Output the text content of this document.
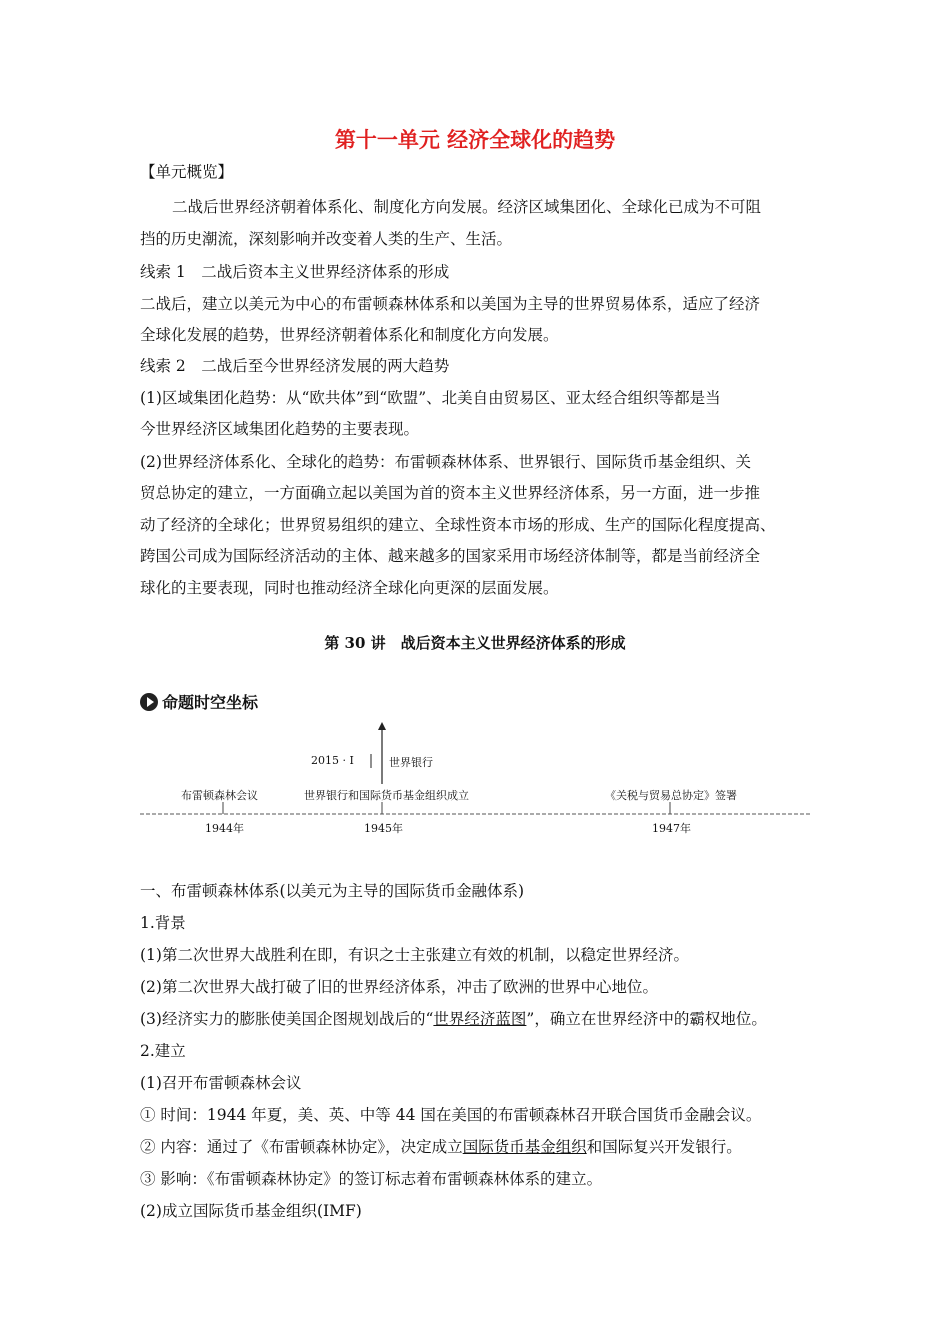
第十一单元 经济全球化的趋势
【单元概览】
二战后世界经济朝着体系化、制度化方向发展。经济区域集团化、全球化已成为不可阻
挡的历史潮流，深刻影响并改变着人类的生产、生活。
线索 1　二战后资本主义世界经济体系的形成
二战后，建立以美元为中心的布雷顿森林体系和以美国为主导的世界贸易体系，适应了经济
全球化发展的趋势，世界经济朝着体系化和制度化方向发展。
线索 2　二战后至今世界经济发展的两大趋势
(1)区域集团化趋势：从“欧共体”到“欧盟”、北美自由贸易区、亚太经合组织等都是当
今世界经济区域集团化趋势的主要表现。
(2)世界经济体系化、全球化的趋势：布雷顿森林体系、世界银行、国际货币基金组织、关
贸总协定的建立，一方面确立起以美国为首的资本主义世界经济体系，另一方面，进一步推
动了经济的全球化；世界贸易组织的建立、全球性资本市场的形成、生产的国际化程度提高、
跨国公司成为国际经济活动的主体、越来越多的国家采用市场经济体制等，都是当前经济全
球化的主要表现，同时也推动经济全球化向更深的层面发展。
第 30 讲　战后资本主义世界经济体系的形成
命题时空坐标
2015 · Ⅰ	世界银行
布雷顿森林会议	世界银行和国际货币基金组织成立	《关税与贸易总协定》签署
1944年	1945年	1947年
一、布雷顿森林体系(以美元为主导的国际货币金融体系)
1.背景
(1)第二次世界大战胜利在即，有识之士主张建立有效的机制，以稳定世界经济。
(2)第二次世界大战打破了旧的世界经济体系，冲击了欧洲的世界中心地位。
(3)经济实力的膨胀使美国企图规划战后的“世界经济蓝图”，确立在世界经济中的霸权地位。
2.建立
(1)召开布雷顿森林会议
① 时间：1944 年夏，美、英、中等 44 国在美国的布雷顿森林召开联合国货币金融会议。
② 内容：通过了《布雷顿森林协定》，决定成立国际货币基金组织和国际复兴开发银行。
③ 影响：《布雷顿森林协定》的签订标志着布雷顿森林体系的建立。
(2)成立国际货币基金组织(IMF)
